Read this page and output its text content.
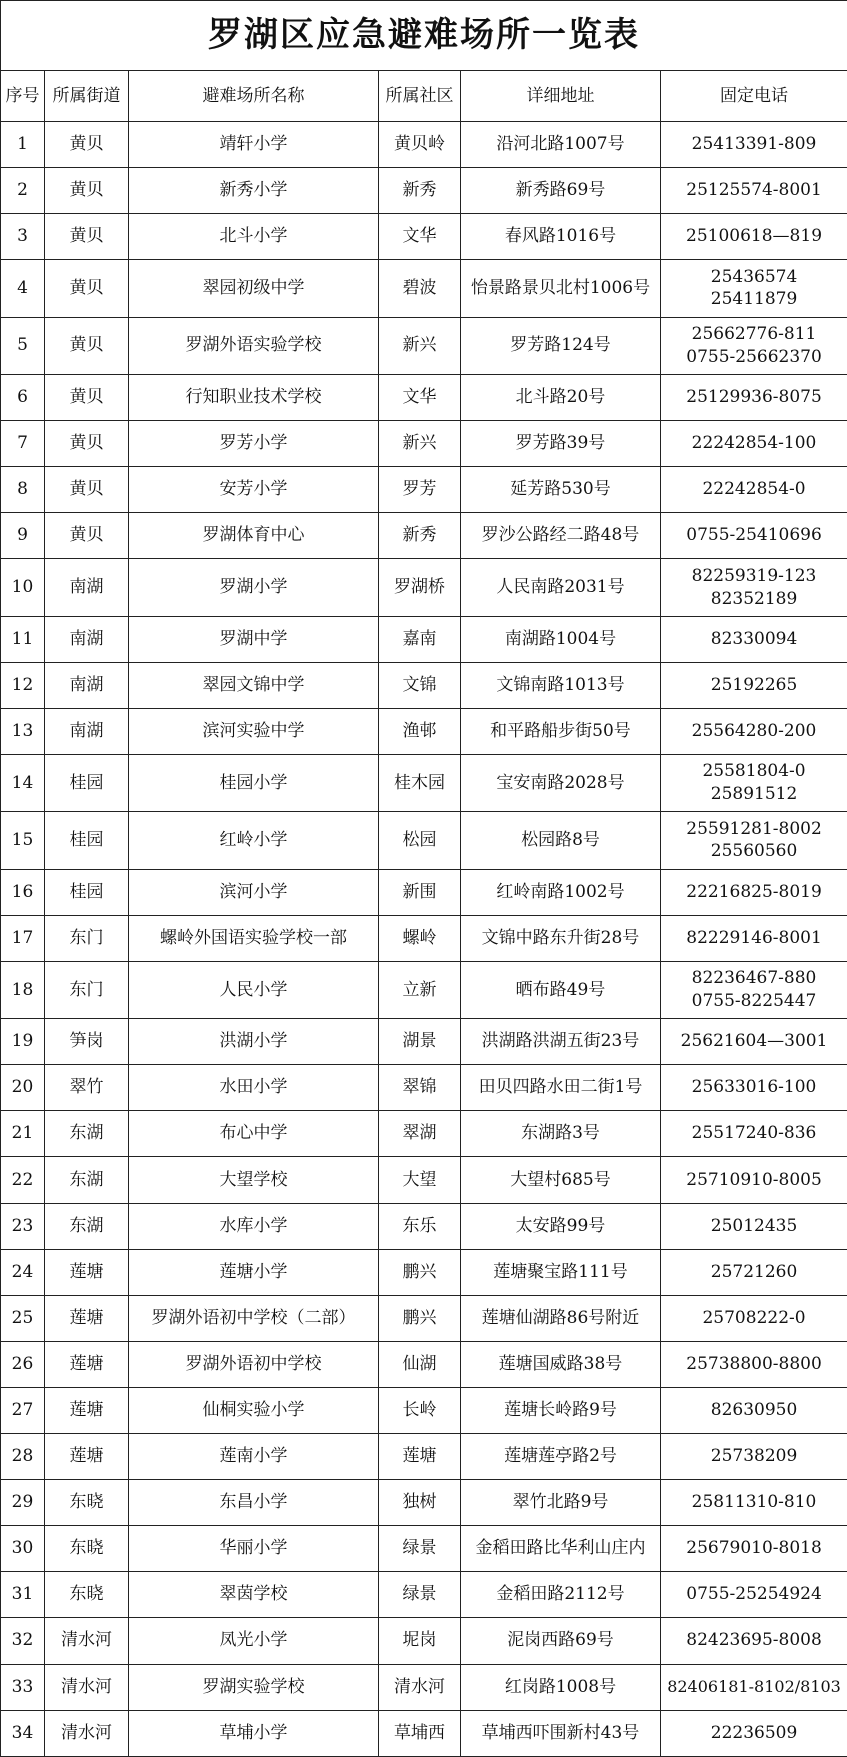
罗湖区应急避难场所一览表					
序号	所属街道	避难场所名称	所属社区	详细地址	固定电话
1	黄贝	靖轩小学	黄贝岭	沿河北路1007号	25413391-809
2	黄贝	新秀小学	新秀	新秀路69号	25125574-8001
3	黄贝	北斗小学	文华	春风路1016号	25100618—819
4	黄贝	翠园初级中学	碧波	怡景路景贝北村1006号	25436574
25411879

5	黄贝	罗湖外语实验学校	新兴	罗芳路124号	25662776-811
0755-25662370

6	黄贝	行知职业技术学校	文华	北斗路20号	25129936-8075
7	黄贝	罗芳小学	新兴	罗芳路39号	22242854-100
8	黄贝	安芳小学	罗芳	延芳路530号	22242854-0
9	黄贝	罗湖体育中心	新秀	罗沙公路经二路48号	0755-25410696
10	南湖	罗湖小学	罗湖桥	人民南路2031号	82259319-123
82352189

11	南湖	罗湖中学	嘉南	南湖路1004号	82330094
12	南湖	翠园文锦中学	文锦	文锦南路1013号	25192265
13	南湖	滨河实验中学	渔邨	和平路船步街50号	25564280-200
14	桂园	桂园小学	桂木园	宝安南路2028号	25581804-0
25891512

15	桂园	红岭小学	松园	松园路8号	25591281-8002
25560560

16	桂园	滨河小学	新围	红岭南路1002号	22216825-8019
17	东门	螺岭外国语实验学校一部	螺岭	文锦中路东升街28号	82229146-8001
18	东门	人民小学	立新	晒布路49号	82236467-880
0755-8225447

19	笋岗	洪湖小学	湖景	洪湖路洪湖五街23号	25621604—3001
20	翠竹	水田小学	翠锦	田贝四路水田二街1号	25633016-100
21	东湖	布心中学	翠湖	东湖路3号	25517240-836
22	东湖	大望学校	大望	大望村685号	25710910-8005
23	东湖	水库小学	东乐	太安路99号	25012435
24	莲塘	莲塘小学	鹏兴	莲塘聚宝路111号	25721260
25	莲塘	罗湖外语初中学校（二部）	鹏兴	莲塘仙湖路86号附近	25708222-0
26	莲塘	罗湖外语初中学校	仙湖	莲塘国威路38号	25738800-8800
27	莲塘	仙桐实验小学	长岭	莲塘长岭路9号	82630950
28	莲塘	莲南小学	莲塘	莲塘莲亭路2号	25738209
29	东晓	东昌小学	独树	翠竹北路9号	25811310-810
30	东晓	华丽小学	绿景	金稻田路比华利山庄内	25679010-8018
31	东晓	翠茵学校	绿景	金稻田路2112号	0755-25254924
32	清水河	凤光小学	坭岗	泥岗西路69号	82423695-8008
33	清水河	罗湖实验学校	清水河	红岗路1008号	82406181-8102/8103
34	清水河	草埔小学	草埔西	草埔西吓围新村43号	22236509
